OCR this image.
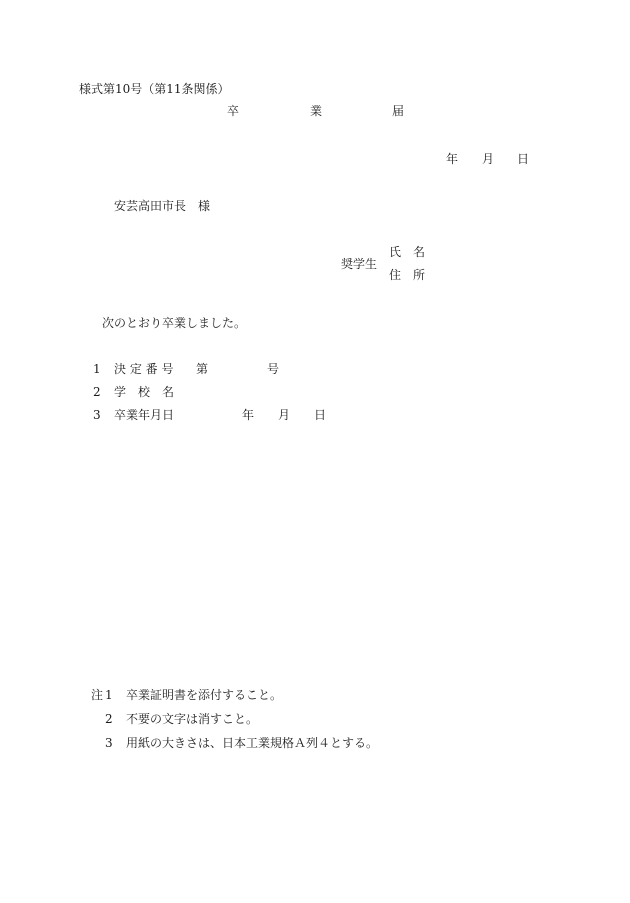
様式第10号（第11条関係）
卒	業	届
年 月 日
安芸高田市長　様
氏　名
奨学生
住　所
次のとおり卒業しました。
1 決 定 番 号 第	号
2 学　校　名
3 卒業年月日	年 月 日
注 1 卒業証明書を添付すること。
2 不要の文字は消すこと。
3 用紙の大きさは、日本工業規格Ａ列４とする。
